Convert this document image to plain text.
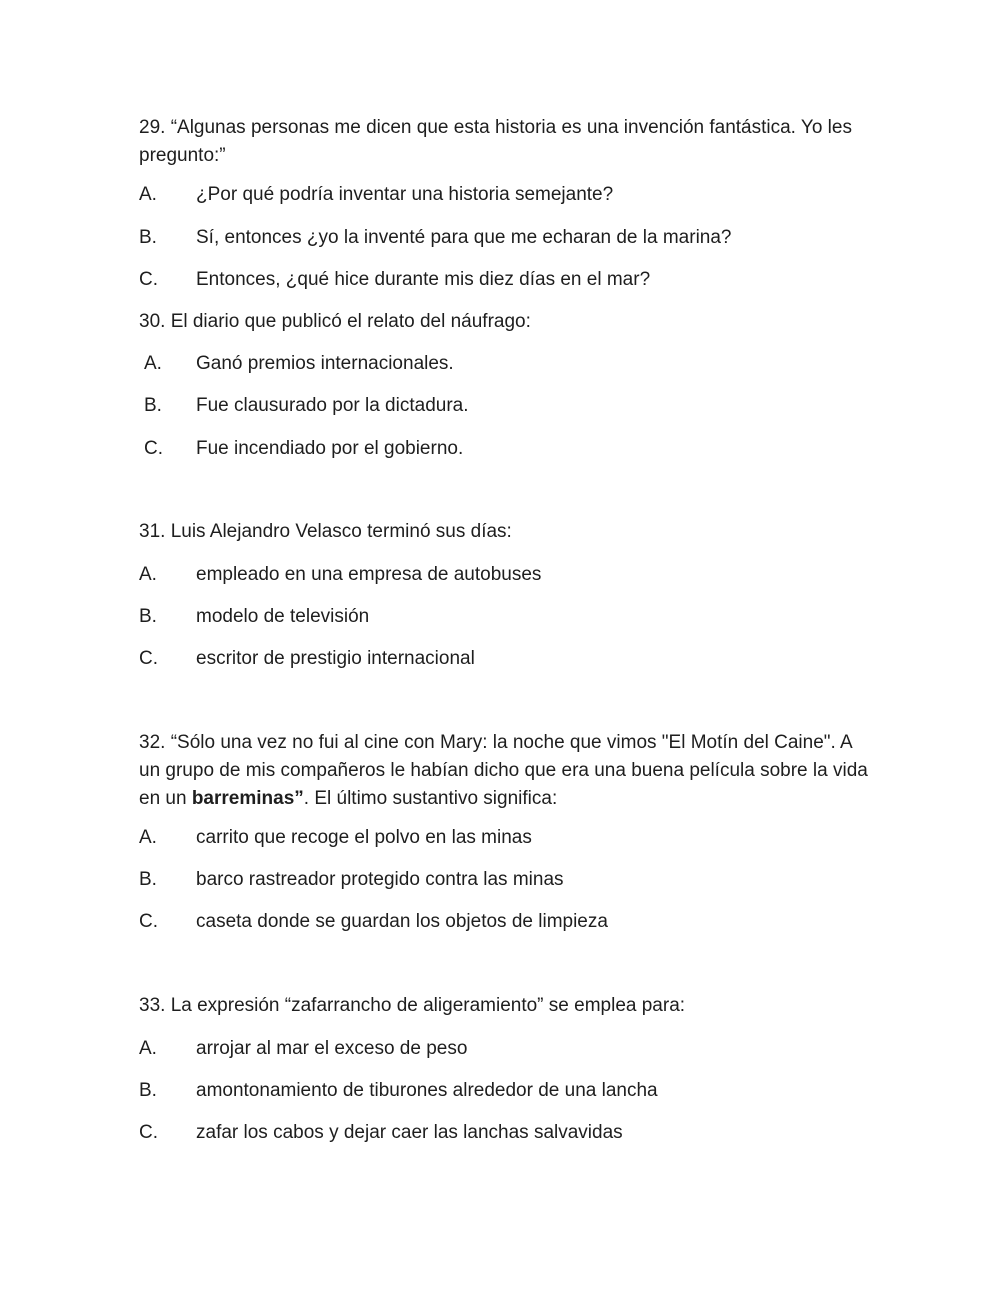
29. “Algunas personas me dicen que esta historia es una invención fantástica. Yo les pregunto:”

A. ¿Por qué podría inventar una historia semejante?
B. Sí, entonces ¿yo la inventé para que me echaran de la marina?
C. Entonces, ¿qué hice durante mis diez días en el mar?

30. El diario que publicó el relato del náufrago:

A. Ganó premios internacionales.
B. Fue clausurado por la dictadura.
C. Fue incendiado por el gobierno.

31. Luis Alejandro Velasco terminó sus días:

A. empleado en una empresa de autobuses
B. modelo de televisión
C. escritor de prestigio internacional

32. “Sólo una vez no fui al cine con Mary: la noche que vimos "El Motín del Caine". A un grupo de mis compañeros le habían dicho que era una buena película sobre la vida en un barreminas”. El último sustantivo significa:

A. carrito que recoge el polvo en las minas
B. barco rastreador protegido contra las minas
C. caseta donde se guardan los objetos de limpieza

33. La expresión “zafarrancho de aligeramiento” se emplea para:

A. arrojar al mar el exceso de peso
B. amontonamiento de tiburones alrededor de una lancha
C. zafar los cabos y dejar caer las lanchas salvavidas
